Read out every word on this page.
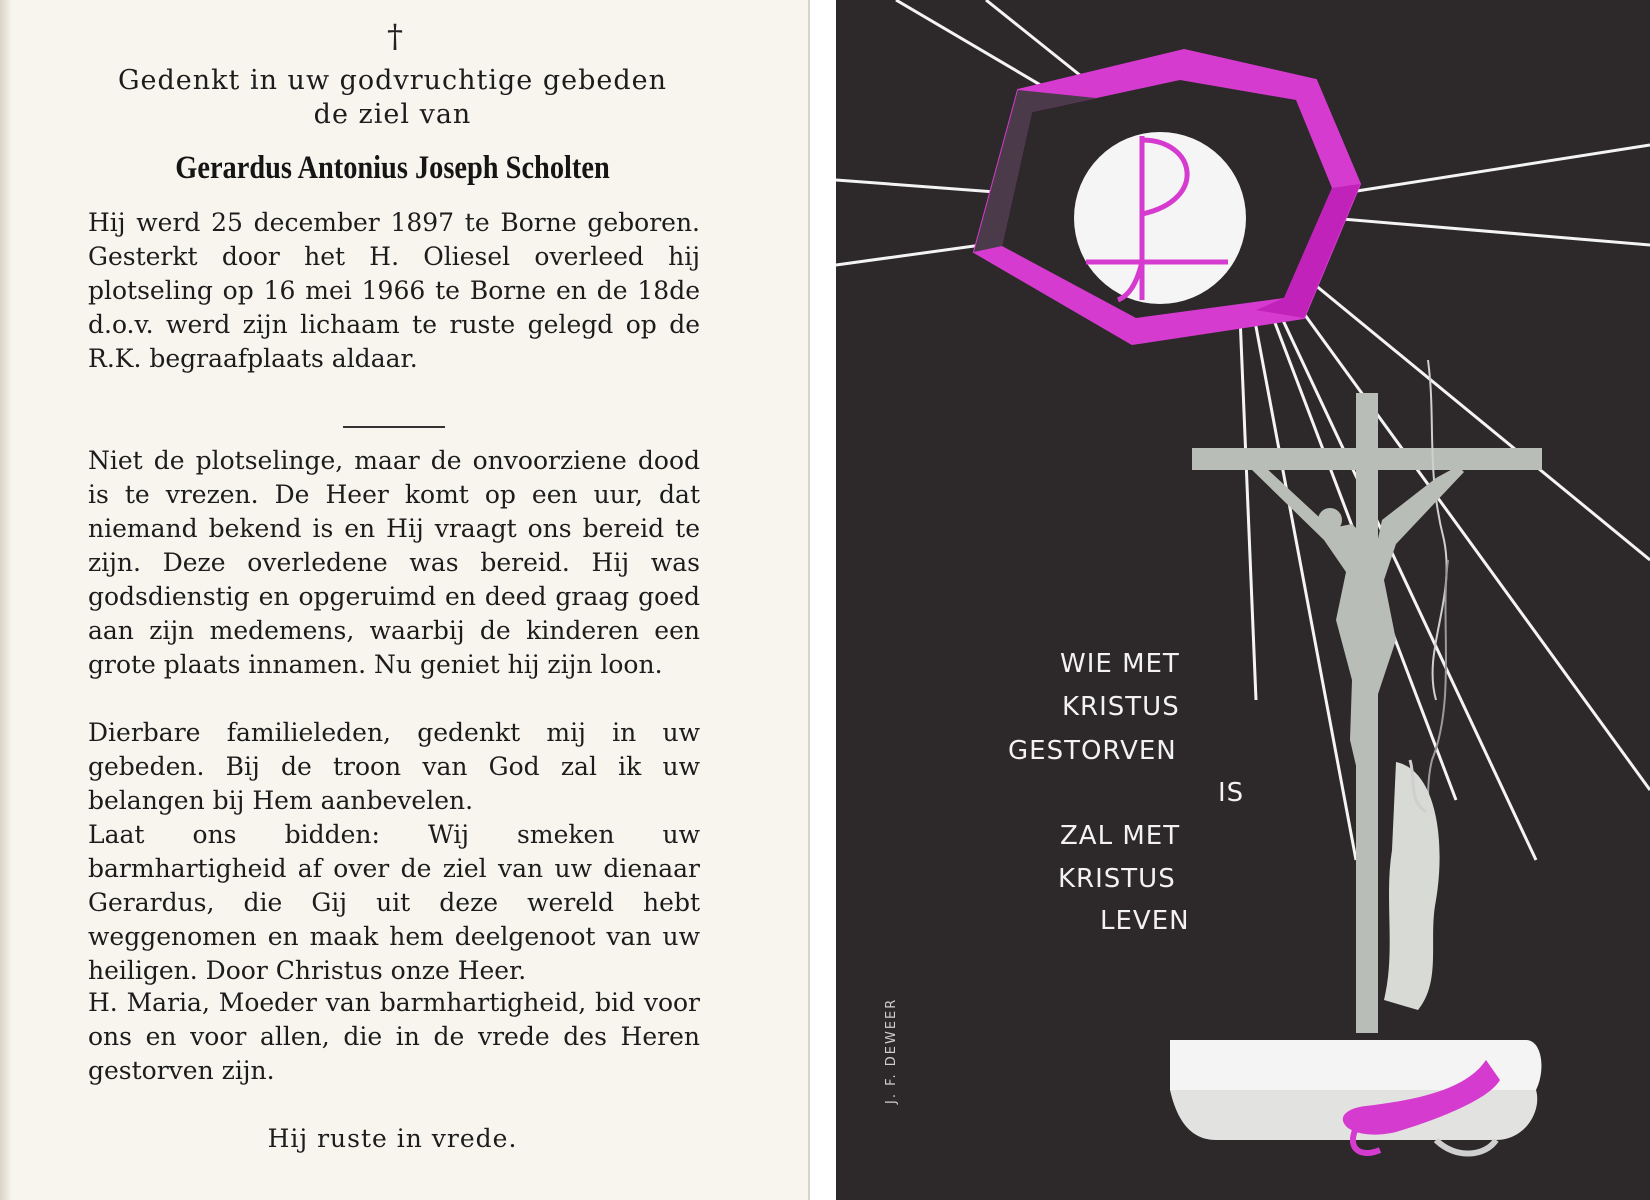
†
Gedenkt in uw godvruchtige gebeden
de ziel van
Gerardus Antonius Joseph Scholten
Hij werd 25 december 1897 te Borne geboren. Gesterkt door het H. Oliesel overleed hij plotseling op 16 mei 1966 te Borne en de 18de d.o.v. werd zijn lichaam te ruste gelegd op de R.K. begraafplaats aldaar.
Niet de plotselinge, maar de onvoorziene dood is te vrezen. De Heer komt op een uur, dat niemand bekend is en Hij vraagt ons bereid te zijn. Deze overledene was bereid. Hij was godsdienstig en opgeruimd en deed graag goed aan zijn medemens, waarbij de kinderen een grote plaats innamen. Nu geniet hij zijn loon.
Dierbare familieleden, gedenkt mij in uw gebeden. Bij de troon van God zal ik uw belangen bij Hem aanbevelen.
Laat ons bidden: Wij smeken uw barmhartigheid af over de ziel van uw dienaar Gerardus, die Gij uit deze wereld hebt weggenomen en maak hem deelgenoot van uw heiligen. Door Christus onze Heer.
H. Maria, Moeder van barmhartigheid, bid voor ons en voor allen, die in de vrede des Heren gestorven zijn.
Hij ruste in vrede.
WIE MET
KRISTUS
GESTORVEN
IS
ZAL MET
KRISTUS
LEVEN
J. F. DEWEER
